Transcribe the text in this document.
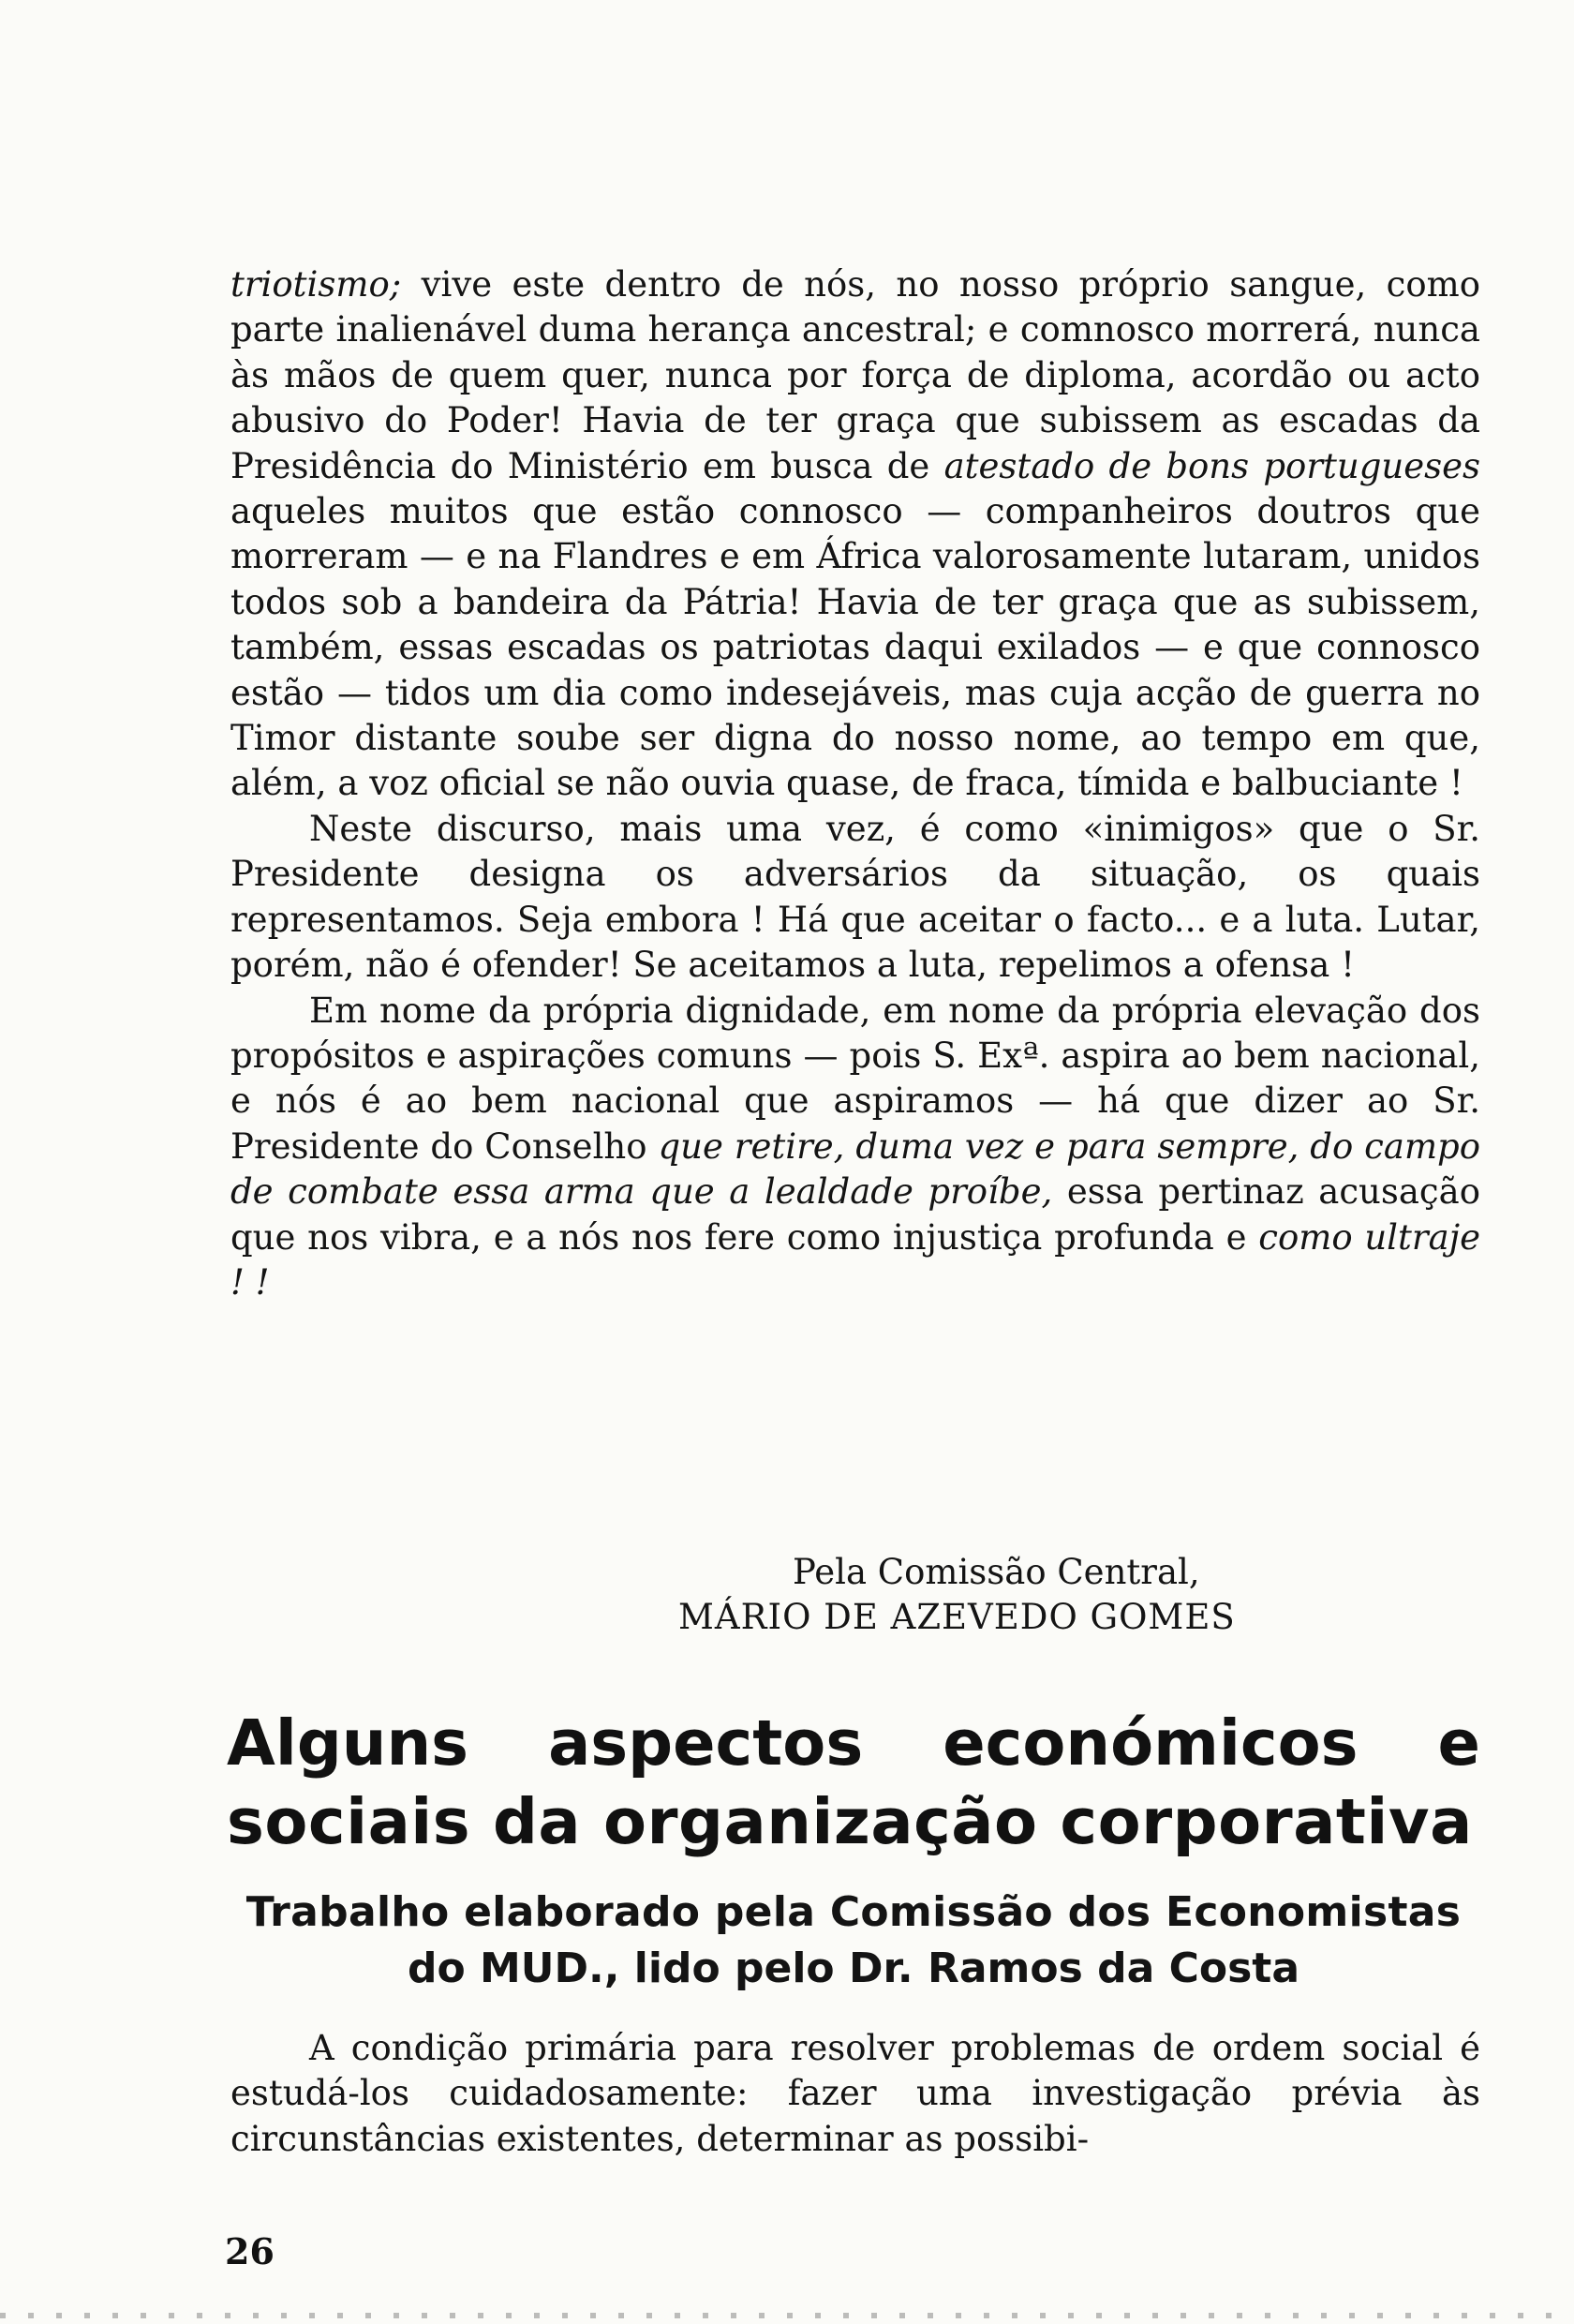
triotismo; vive este dentro de nós, no nosso próprio sangue, como parte inalienável duma herança ancestral; e comnosco morrerá, nunca às mãos de quem quer, nunca por força de diploma, acordão ou acto abusivo do Poder! Havia de ter graça que subissem as escadas da Presidência do Ministério em busca de atestado de bons portugueses aqueles muitos que estão connosco — companheiros doutros que morreram — e na Flandres e em África valorosamente lutaram, unidos todos sob a bandeira da Pátria! Havia de ter graça que as subissem, também, essas escadas os patriotas daqui exilados — e que connosco estão — tidos um dia como indesejáveis, mas cuja acção de guerra no Timor distante soube ser digna do nosso nome, ao tempo em que, além, a voz oficial se não ouvia quase, de fraca, tímida e balbuciante !

Neste discurso, mais uma vez, é como «inimigos» que o Sr. Presidente designa os adversários da situação, os quais representamos. Seja embora ! Há que aceitar o facto... e a luta. Lutar, porém, não é ofender! Se aceitamos a luta, repelimos a ofensa !

Em nome da própria dignidade, em nome da própria elevação dos propósitos e aspirações comuns — pois S. Exª. aspira ao bem nacional, e nós é ao bem nacional que aspiramos — há que dizer ao Sr. Presidente do Conselho que retire, duma vez e para sempre, do campo de combate essa arma que a lealdade proíbe, essa pertinaz acusação que nos vibra, e a nós nos fere como injustiça profunda e como ultraje ! !

Pela Comissão Central,
MÁRIO DE AZEVEDO GOMES
Alguns aspectos económicos e
sociais da organização corporativa
Trabalho elaborado pela Comissão dos Economistas
do MUD., lido pelo Dr. Ramos da Costa

A condição primária para resolver problemas de ordem social é estudá-los cuidadosamente: fazer uma investigação prévia às circunstâncias existentes, determinar as possibi-

26
